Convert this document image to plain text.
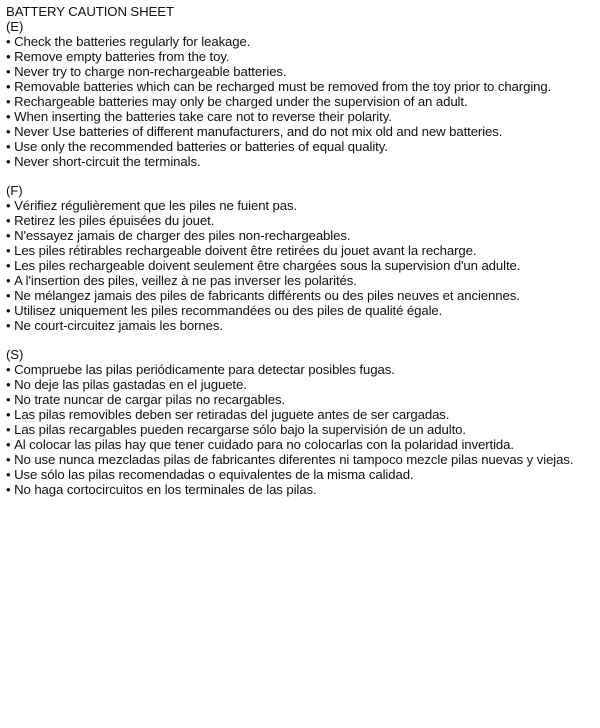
BATTERY CAUTION SHEET
(E)
• Check the batteries regularly for leakage.
• Remove empty batteries from the toy.
• Never try to charge non-rechargeable batteries.
• Removable batteries which can be recharged must be removed from the toy prior to charging.
• Rechargeable batteries may only be charged under the supervision of an adult.
• When inserting the batteries take care not to reverse their polarity.
• Never Use batteries of different manufacturers, and do not mix old and new batteries.
• Use only the recommended batteries or batteries of equal quality.
• Never short-circuit the terminals.
(F)
• Vérifiez régulièrement que les piles ne fuient pas.
• Retirez les piles épuisées du jouet.
• N'essayez jamais de charger des piles non-rechargeables.
• Les piles rétirables rechargeable doivent être retirées du jouet avant la recharge.
• Les piles rechargeable doivent seulement être chargées sous la supervision d'un adulte.
• A l'insertion des piles, veillez à ne pas inverser les polarités.
• Ne mélangez jamais des piles de fabricants différents ou des piles neuves et anciennes.
• Utilisez uniquement les piles recommandées ou des piles de qualité égale.
• Ne court-circuitez jamais les bornes.
(S)
• Compruebe las pilas periódicamente para detectar posibles fugas.
• No deje las pilas gastadas en el juguete.
• No trate nuncar de cargar pilas no recargables.
• Las pilas removibles deben ser retiradas del juguete antes de ser cargadas.
• Las pilas recargables pueden recargarse sólo bajo la supervisión de un adulto.
• Al colocar las pilas hay que tener cuidado para no colocarlas con la polaridad invertida.
• No use nunca mezcladas pilas de fabricantes diferentes ni tampoco mezcle pilas nuevas y viejas.
• Use sólo las pilas recomendadas o equivalentes de la misma calidad.
• No haga cortocircuitos en los terminales de las pilas.
